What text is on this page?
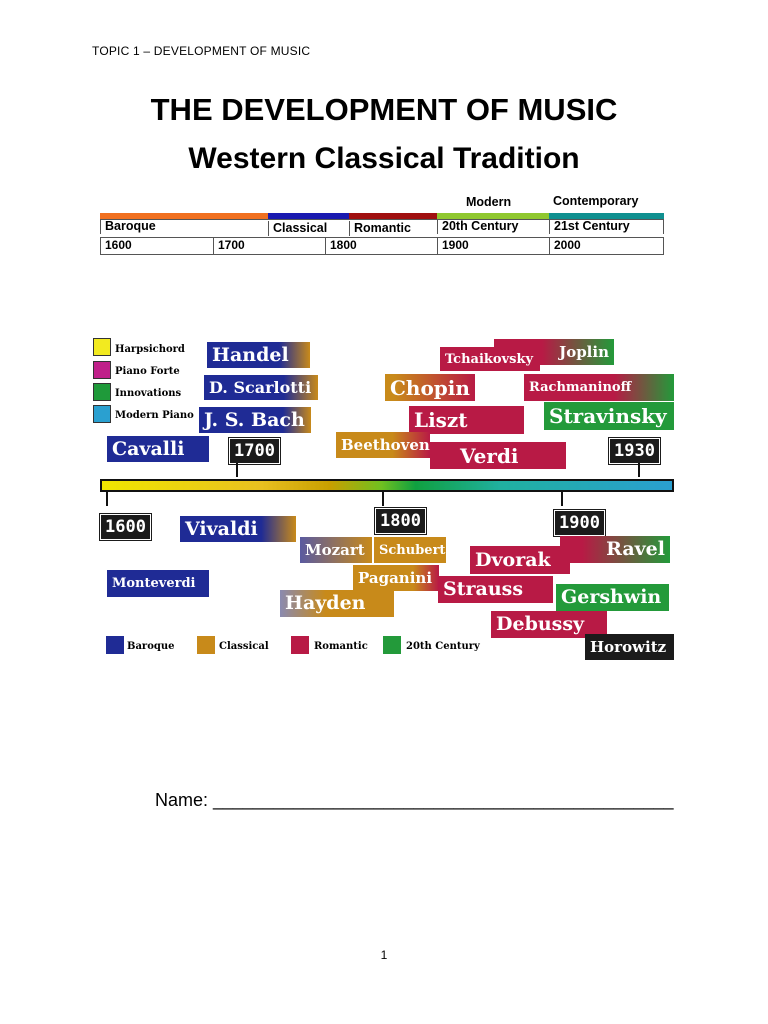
TOPIC 1 – DEVELOPMENT OF MUSIC
THE DEVELOPMENT OF MUSIC
Western Classical Tradition
Modern	Contemporary
Baroque	Classical	Romantic	20th Century	21st Century
1600	1700	1800	1900	2000
Harpsichord
Piano Forte
Innovations
Modern Piano
Handel
D. Scarlotti
J. S. Bach
Cavalli
Joplin
Tchaikovsky
Chopin	Rachmaninoff
Liszt	Stravinsky
Beethoven	Verdi
1700	1930
1600	1800	1900
Vivaldi
Mozart	Schubert Dvorak	Ravel
Monteverdi	Paganini
Strauss	Gershwin
Hayden
Debussy
Horowitz
Baroque	Classical	Romantic	20th Century
Name: ______________________________________________
1
